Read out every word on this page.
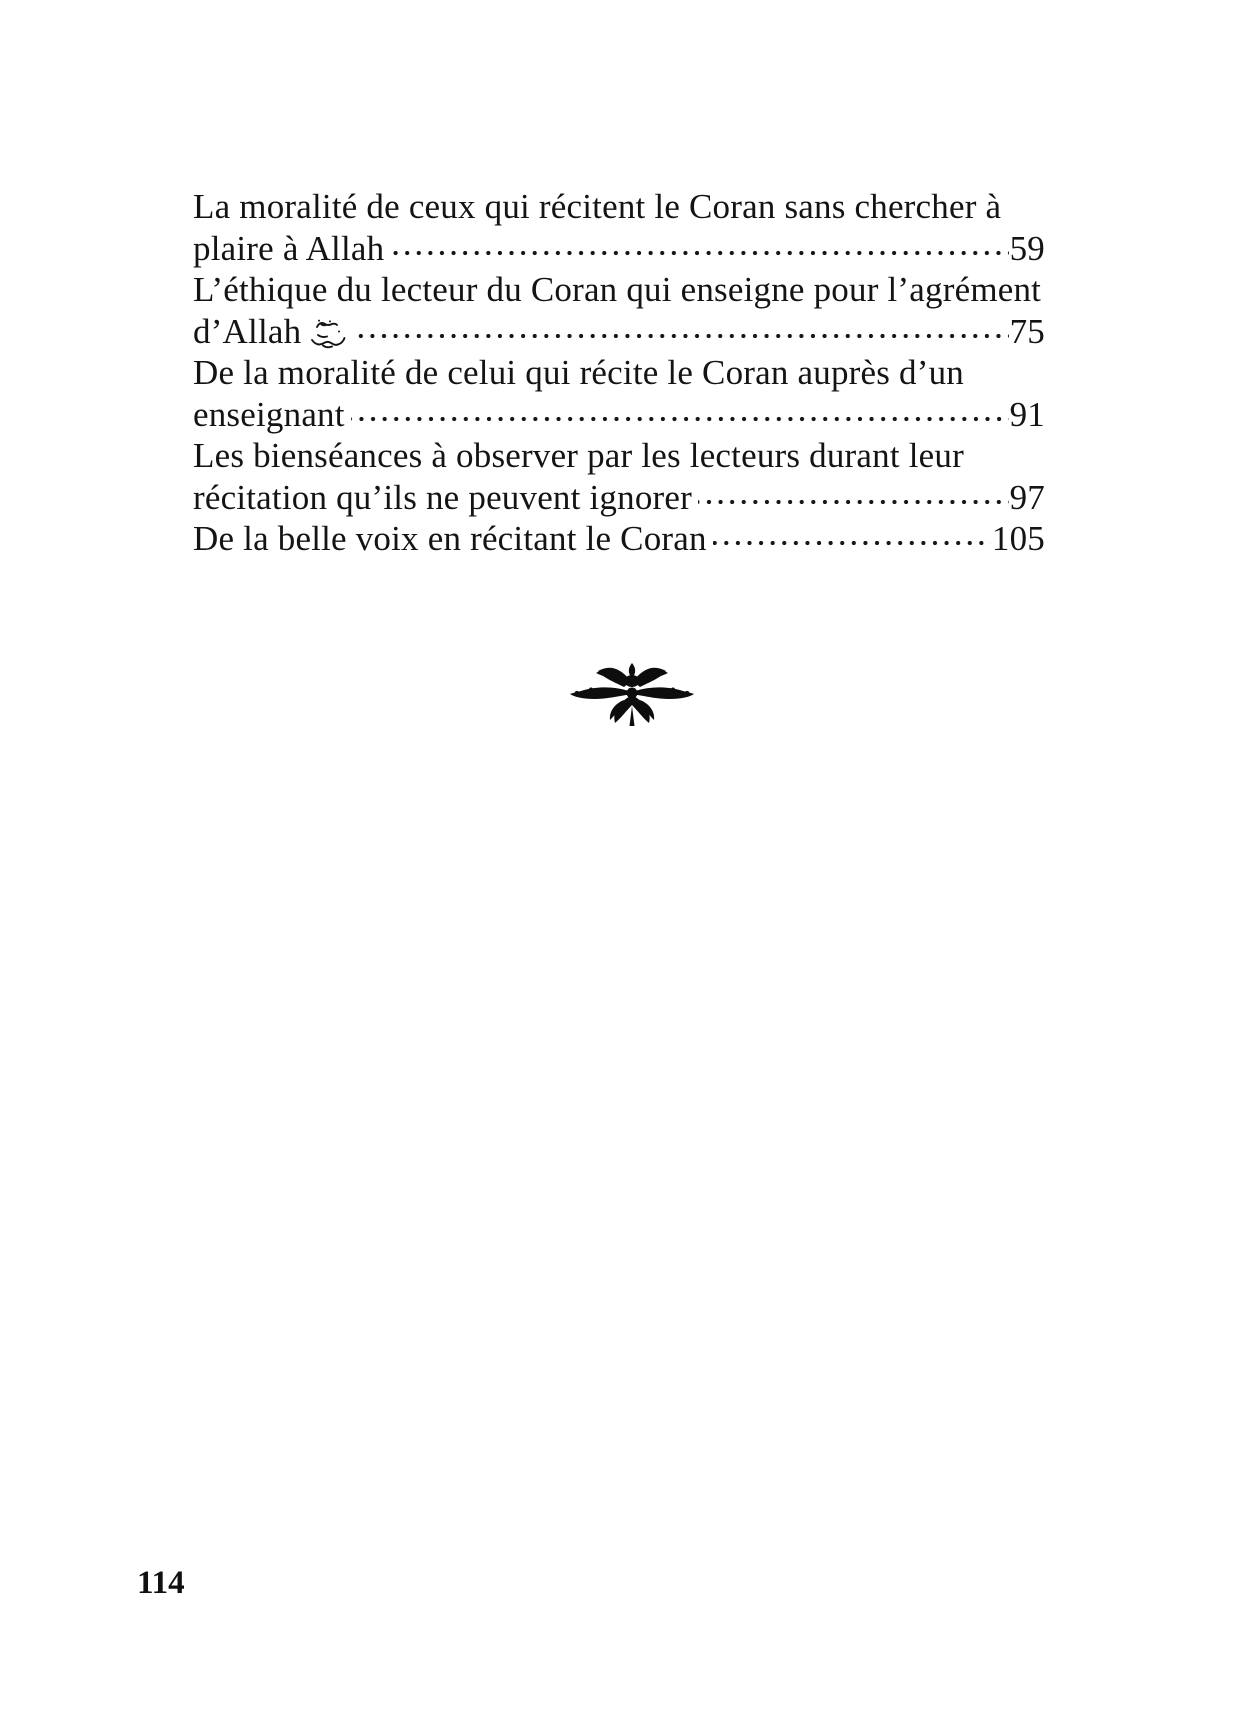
La moralité de ceux qui récitent le Coran sans chercher à
plaire à Allah	59
L’éthique du lecteur du Coran qui enseigne pour l’agrément
d’Allah	75
De la moralité de celui qui récite le Coran auprès d’un
enseignant	91
Les bienséances à observer par les lecteurs durant leur
récitation qu’ils ne peuvent ignorer	97
De la belle voix en récitant le Coran	105
114
